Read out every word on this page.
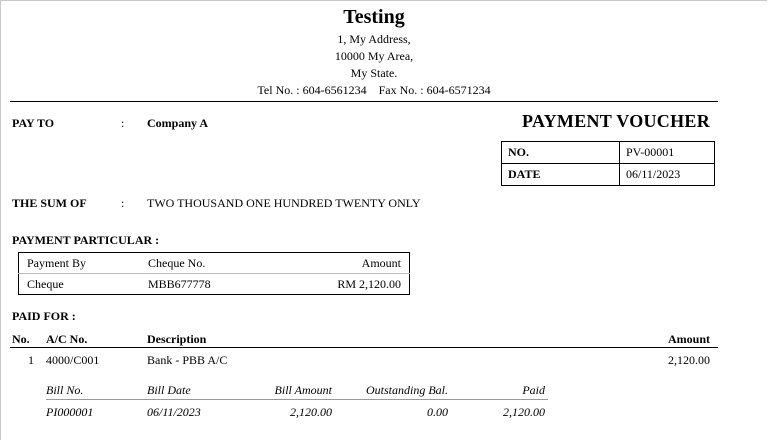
Testing
1, My Address,
10000 My Area,
My State.
Tel No. : 604-6561234    Fax No. : 604-6571234
PAY TO	: Company A	PAYMENT VOUCHER
NO.	PV-00001
DATE	06/11/2023
THE SUM OF	: TWO THOUSAND ONE HUNDRED TWENTY ONLY
PAYMENT PARTICULAR :
Payment By	Cheque No.	Amount
Cheque	MBB677778	RM 2,120.00
PAID FOR :
No. A/C No.	Description	Amount
1 4000/C001	Bank - PBB A/C	2,120.00
Bill No.	Bill Date	Bill Amount	Outstanding Bal.	Paid
PI000001	06/11/2023	2,120.00	0.00	2,120.00
